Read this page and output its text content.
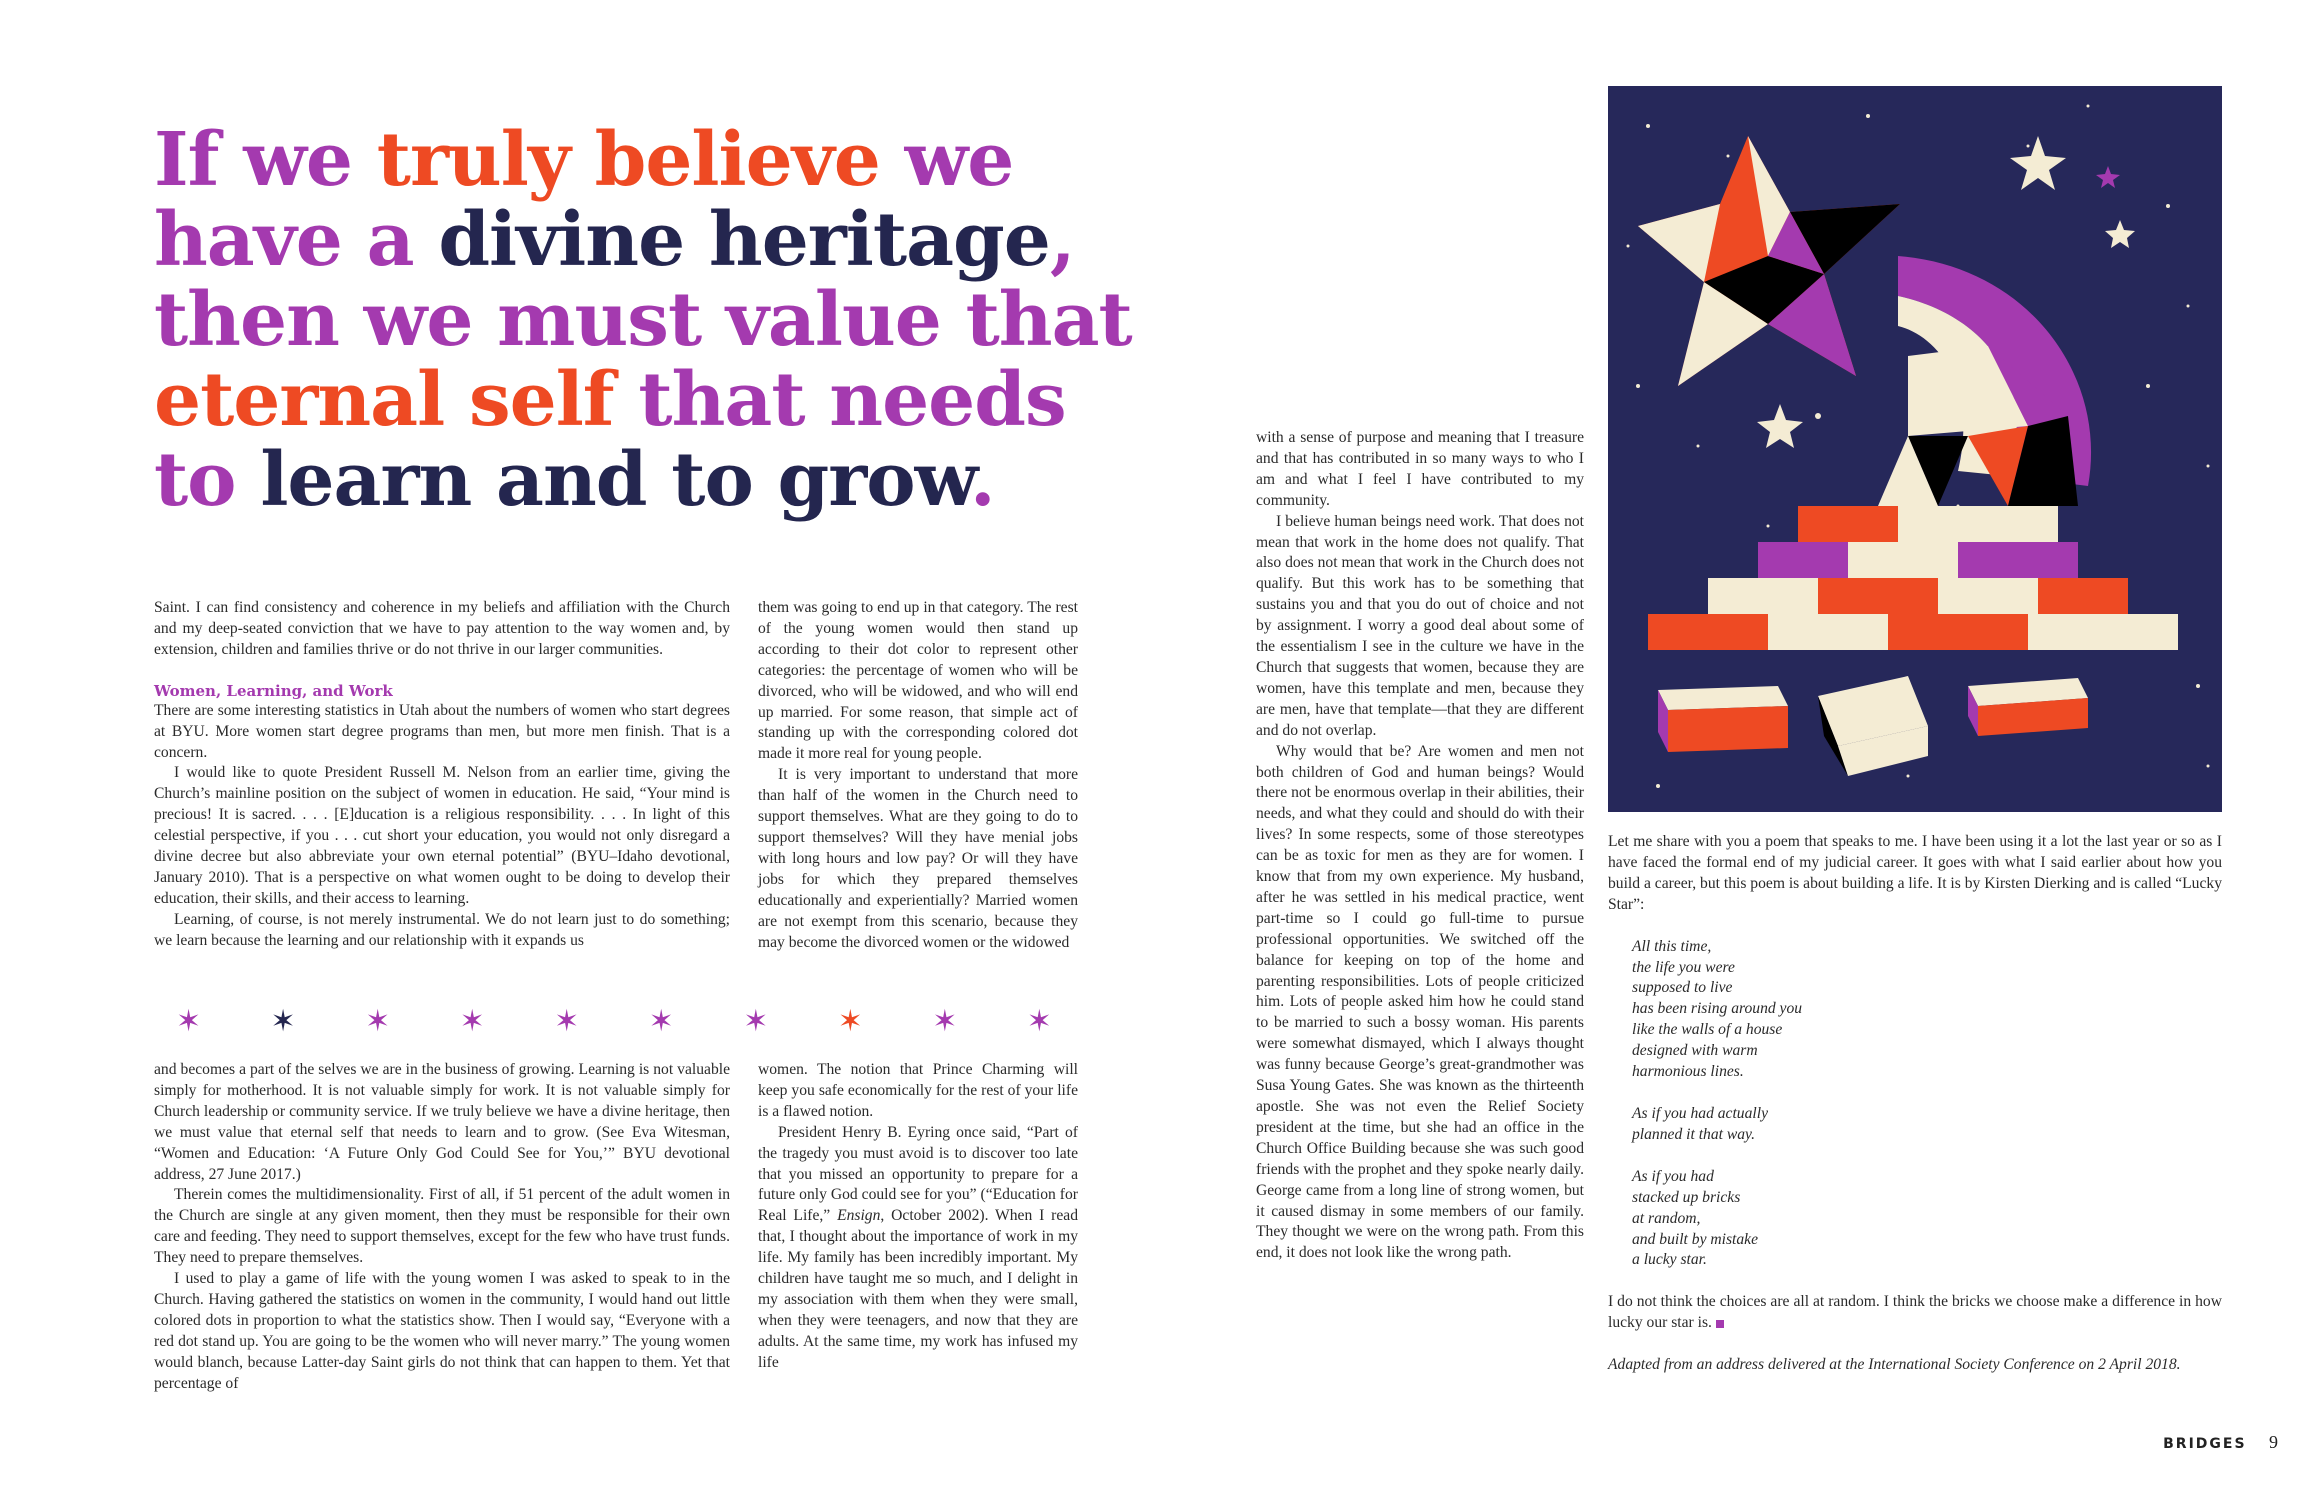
If we truly believe we
have a divine heritage,
then we must value that
eternal self that needs
to learn and to grow.

Saint. I can find consistency and coherence in my beliefs and affiliation with the Church and my deep-seated conviction that we have to pay attention to the way women and, by extension, children and families thrive or do not thrive in our larger communities.

Women, Learning, and Work

There are some interesting statistics in Utah about the numbers of women who start degrees at BYU. More women start degree programs than men, but more men finish. That is a concern.

I would like to quote President Russell M. Nelson from an earlier time, giving the Church’s mainline position on the subject of women in education. He said, “Your mind is precious! It is sacred. . . . [E]ducation is a religious responsibility. . . . In light of this celestial perspective, if you . . . cut short your education, you would not only disregard a divine decree but also abbreviate your own eternal potential” (BYU–Idaho devotional, January 2010). That is a perspective on what women ought to be doing to develop their education, their skills, and their access to learning.

Learning, of course, is not merely instrumental. We do not learn just to do something; we learn because the learning and our relationship with it expands us

them was going to end up in that category. The rest of the young women would then stand up according to their dot color to represent other categories: the percentage of women who will be divorced, who will be widowed, and who will end up married. For some reason, that simple act of standing up with the corresponding colored dot made it more real for young people.

It is very important to understand that more than half of the women in the Church need to support themselves. What are they going to do to support themselves? Will they have menial jobs with long hours and low pay? Or will they have jobs for which they prepared themselves educationally and experientially? Married women are not exempt from this scenario, because they may become the divorced women or the widowed

✶ ✶ ✶ ✶ ✶ ✶ ✶ ✶ ✶ ✶

and becomes a part of the selves we are in the business of growing. Learning is not valuable simply for motherhood. It is not valuable simply for work. It is not valuable simply for Church leadership or community service. If we truly believe we have a divine heritage, then we must value that eternal self that needs to learn and to grow. (See Eva Witesman, “Women and Education: ‘A Future Only God Could See for You,’” BYU devotional address, 27 June 2017.)

Therein comes the multidimensionality. First of all, if 51 percent of the adult women in the Church are single at any given moment, then they must be responsible for their own care and feeding. They need to support themselves, except for the few who have trust funds. They need to prepare themselves.

I used to play a game of life with the young women I was asked to speak to in the Church. Having gathered the statistics on women in the community, I would hand out little colored dots in proportion to what the statistics show. Then I would say, “Everyone with a red dot stand up. You are going to be the women who will never marry.” The young women would blanch, because Latter-day Saint girls do not think that can happen to them. Yet that percentage of

women. The notion that Prince Charming will keep you safe economically for the rest of your life is a flawed notion.

President Henry B. Eyring once said, “Part of the tragedy you must avoid is to discover too late that you missed an opportunity to prepare for a future only God could see for you” (“Education for Real Life,” Ensign, October 2002). When I read that, I thought about the importance of work in my life. My family has been incredibly important. My children have taught me so much, and I delight in my association with them when they were small, when they were teenagers, and now that they are adults. At the same time, my work has infused my life

with a sense of purpose and meaning that I treasure and that has contributed in so many ways to who I am and what I feel I have contributed to my community.

I believe human beings need work. That does not mean that work in the home does not qualify. That also does not mean that work in the Church does not qualify. But this work has to be something that sustains you and that you do out of choice and not by assignment. I worry a good deal about some of the essentialism I see in the culture we have in the Church that suggests that women, because they are women, have this template and men, because they are men, have that template—that they are different and do not overlap.

Why would that be? Are women and men not both children of God and human beings? Would there not be enormous overlap in their abilities, their needs, and what they could and should do with their lives? In some respects, some of those stereotypes can be as toxic for men as they are for women. I know that from my own experience. My husband, after he was settled in his medical practice, went part-time so I could go full-time to pursue professional opportunities. We switched off the balance for keeping on top of the home and parenting responsibilities. Lots of people criticized him. Lots of people asked him how he could stand to be married to such a bossy woman. His parents were somewhat dismayed, which I always thought was funny because George’s great-grandmother was Susa Young Gates. She was known as the thirteenth apostle. She was not even the Relief Society president at the time, but she had an office in the Church Office Building because she was such good friends with the prophet and they spoke nearly daily. George came from a long line of strong women, but it caused dismay in some members of our family. They thought we were on the wrong path. From this end, it does not look like the wrong path.

Let me share with you a poem that speaks to me. I have been using it a lot the last year or so as I have faced the formal end of my judicial career. It goes with what I said earlier about how you build a career, but this poem is about building a life. It is by Kirsten Dierking and is called “Lucky Star”:

All this time,

the life you were

supposed to live

has been rising around you

like the walls of a house

designed with warm

harmonious lines.

As if you had actually

planned it that way.

As if you had

stacked up bricks

at random,

and built by mistake

a lucky star.

I do not think the choices are all at random. I think the bricks we choose make a difference in how lucky our star is.

Adapted from an address delivered at the International Society Conference on 2 April 2018.

BRIDGES 9
